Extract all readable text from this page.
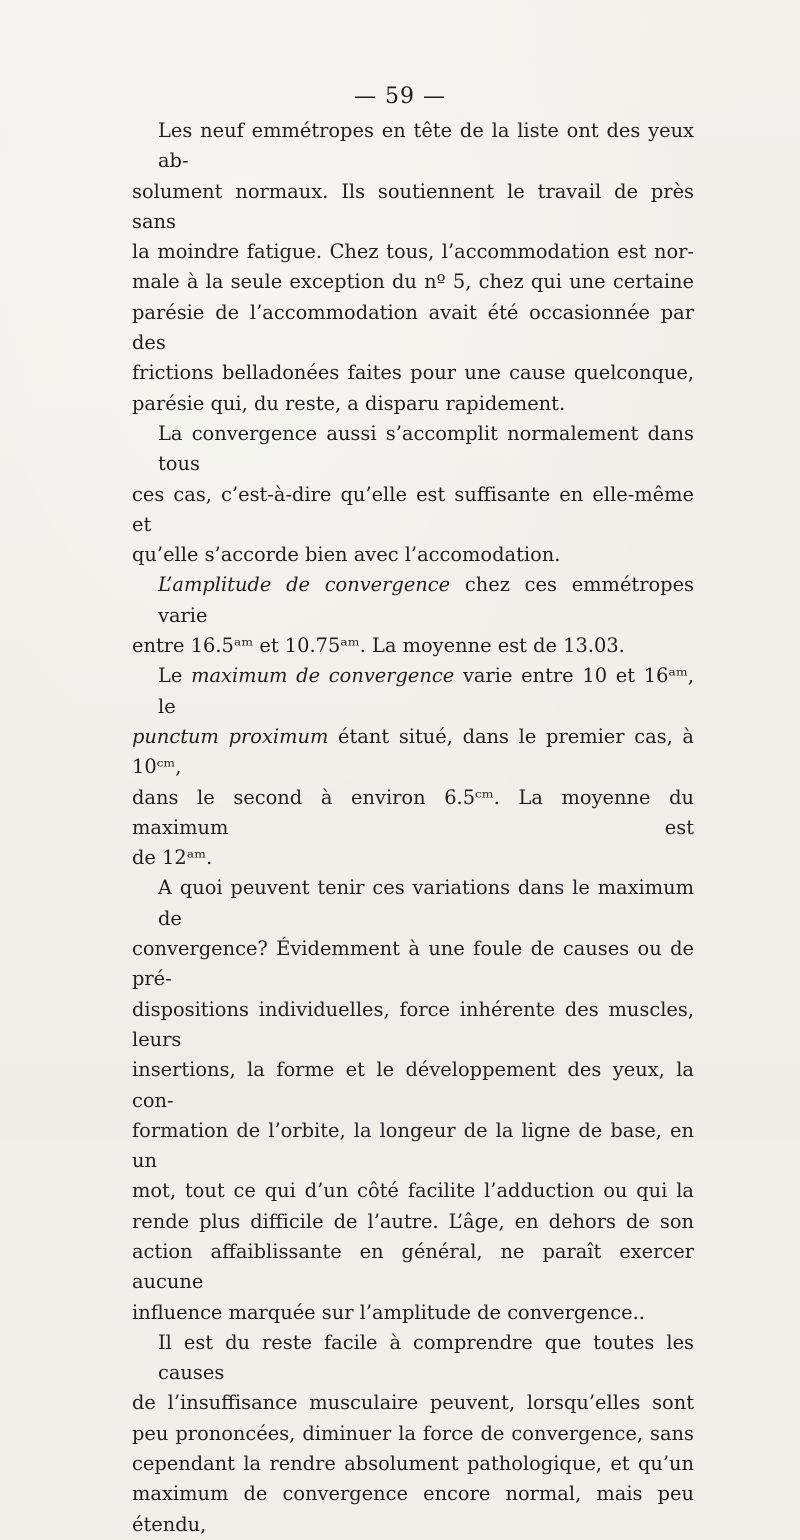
— 59 —

Les neuf emmétropes en tête de la liste ont des yeux ab-
solument normaux. Ils soutiennent le travail de près sans
la moindre fatigue. Chez tous, l’accommodation est nor-
male à la seule exception du nº 5, chez qui une certaine
parésie de l’accommodation avait été occasionnée par des
frictions belladonées faites pour une cause quelconque,
parésie qui, du reste, a disparu rapidement.

La convergence aussi s’accomplit normalement dans tous
ces cas, c’est-à-dire qu’elle est suffisante en elle-même et
qu’elle s’accorde bien avec l’accomodation.

L’amplitude de convergence chez ces emmétropes varie
entre 16.5ᵃᵐ et 10.75ᵃᵐ. La moyenne est de 13.03.

Le maximum de convergence varie entre 10 et 16ᵃᵐ, le
punctum proximum étant situé, dans le premier cas, à 10ᶜᵐ,
dans le second à environ 6.5ᶜᵐ. La moyenne du maximum est
de 12ᵃᵐ.

A quoi peuvent tenir ces variations dans le maximum de
convergence? Évidemment à une foule de causes ou de pré-
dispositions individuelles, force inhérente des muscles, leurs
insertions, la forme et le développement des yeux, la con-
formation de l’orbite, la longeur de la ligne de base, en un
mot, tout ce qui d’un côté facilite l’adduction ou qui la
rende plus difficile de l’autre. L’âge, en dehors de son
action affaiblissante en général, ne paraît exercer aucune
influence marquée sur l’amplitude de convergence..

Il est du reste facile à comprendre que toutes les causes
de l’insuffisance musculaire peuvent, lorsqu’elles sont
peu prononcées, diminuer la force de convergence, sans
cependant la rendre absolument pathologique, et qu’un
maximum de convergence encore normal, mais peu étendu,
